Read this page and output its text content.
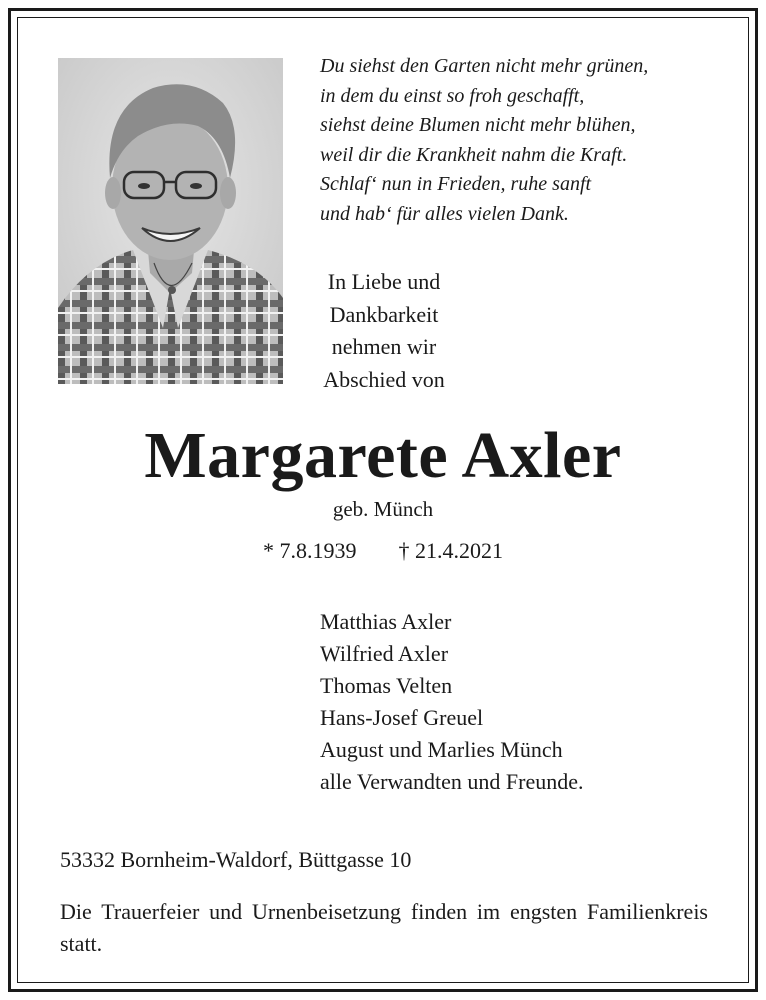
Du siehst den Garten nicht mehr grünen,
in dem du einst so froh geschafft,
siehst deine Blumen nicht mehr blühen,
weil dir die Krankheit nahm die Kraft.
Schlaf‘ nun in Frieden, ruhe sanft
und hab‘ für alles vielen Dank.
In Liebe und
Dankbarkeit
nehmen wir
Abschied von
Margarete Axler
geb. Münch
* 7.8.1939 † 21.4.2021
Matthias Axler
Wilfried Axler
Thomas Velten
Hans-Josef Greuel
August und Marlies Münch
alle Verwandten und Freunde.
53332 Bornheim-Waldorf, Büttgasse 10
Die Trauerfeier und Urnenbeisetzung finden im engsten Familienkreis statt.
